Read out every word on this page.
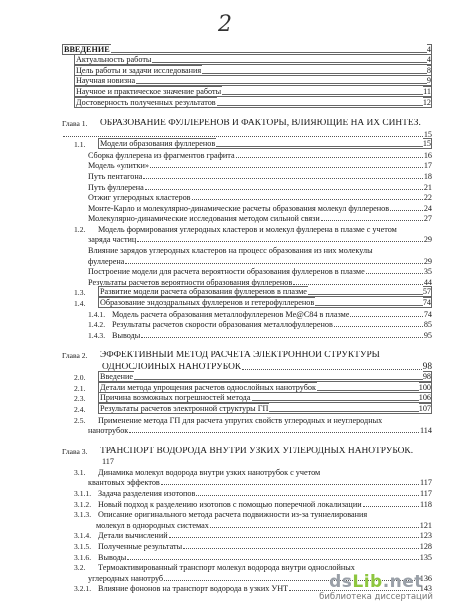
2
ВВЕДЕНИЕ	4
Актуальность работы	4
Цель работы и задачи исследования	8
Научная новизна	9
Научное и практическое значение работы	11
Достоверность полученных результатов	12
Глава 1.	ОБРАЗОВАНИЕ ФУЛЛЕРЕНОВ И ФАКТОРЫ, ВЛИЯЮЩИЕ НА ИХ СИНТЕЗ.
15
1.1.	Модели образования фуллеренов	15
Сборка фуллерена из фрагментов графита	16
Модель «улитки»	17
Путь пентагона	18
Путь фуллерена	21
Отжиг углеродных кластеров	22
Монте-Карло и молекулярно-динамические расчеты образования молекул фуллеренов	24
Молекулярно-динамические исследования методом сильной связи	27
1.2.	Модель формирования углеродных кластеров и молекул фуллерена в плазме с учетом
заряда частиц	29
Влияние зарядов углеродных кластеров на процесс образования из них молекулы
фуллерена	29
Построение модели для расчета вероятности образования фуллеренов в плазме	35
Результаты расчетов вероятности образования фуллеренов	44
1.3.	Развитие модели расчета образования фуллеренов в плазме	57
1.4.	Образование эндоэдральных фуллеренов и гетерофуллеренов	74
1.4.1. Модель расчета образования металлофуллеренов Me@C84 в плазме	74
1.4.2. Результаты расчетов скорости образования металлофуллеренов	85
1.4.3. Выводы	95
Глава 2.	ЭФФЕКТИВНЫЙ МЕТОД РАСЧЕТА ЭЛЕКТРОННОЙ СТРУКТУРЫ
ОДНОСЛОЙНЫХ НАНОТРУБОК	98
2.0.	Введение	98
2.1.	Детали метода упрощения расчетов однослойных нанотрубок	100
2.3.	Причина возможных погрешностей метода	106
2.4.	Результаты расчетов электронной структуры ГП	107
2.5.	Применение метода ГП для расчета упругих свойств углеродных и неуглеродных
нанотрубок	114
Глава 3.	ТРАНСПОРТ ВОДОРОДА ВНУТРИ УЗКИХ УГЛЕРОДНЫХ НАНОТРУБОК.
117
3.1.	Динамика молекул водорода внутри узких нанотрубок с учетом
квантовых эффектов	117
3.1.1. Задача разделения изотопов	117
3.1.2. Новый подход к разделению изотопов с помощью поперечной локализации	118
3.1.3. Описание оригинального метода расчета подвижности из-за туннелирования
молекул в однородных системах	121
3.1.4. Детали вычислений	123
3.1.5. Полученные результаты	128
3.1.6. Выводы	135
3.2.	Термоактивированный транспорт молекул водорода внутри однослойных
углеродных нанотруб	136
3.2.1. Влияние фононов на транспорт водорода в узких УНТ	143
dsLib.net
библиотека диссертаций
